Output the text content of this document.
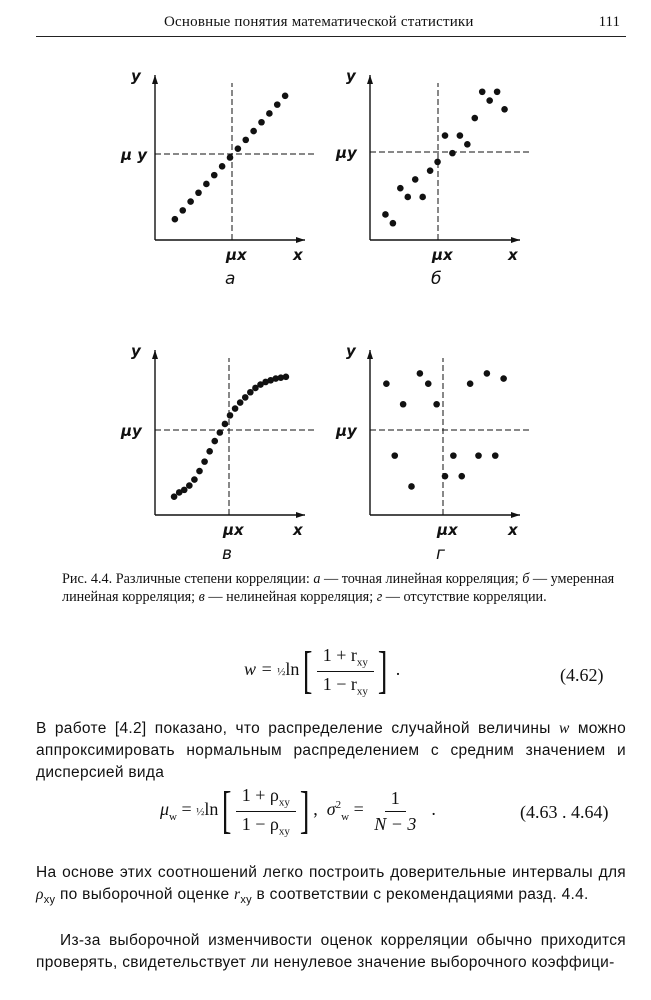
Основные понятия математической статистики	111
x
y
μx
μ y
а
x
y
μx
μy
б
x
y
μx
μy
в
x
y
μx
μy
г
Рис. 4.4. Различные степени корреляции: а — точная линейная корреляция; б — умеренная линейная корреляция; в — нелинейная корреляция; г — отсутствие корреляции.
w = ½ln[ $\frac{1 + r_{xy}}{1 - r_{xy}}$ ] .	(4.62)
В работе [4.2] показано, что распределение случайной величины w можно аппроксимировать нормальным распределением с средним значением и дисперсией вида
$\mu_w$ = ½ln[ $\frac{1 + \rho_{xy}}{1 - \rho_{xy}}$ ] , $\sigma^2_w = \frac{1}{N - 3}$ .	(4.63 . 4.64)
На основе этих соотношений легко построить доверительные интервалы для $\rho_{xy}$ по выборочной оценке $r_{xy}$ в соответствии с рекомендациями разд. 4.4.
Из-за выборочной изменчивости оценок корреляции обычно приходится проверять, свидетельствует ли ненулевое значение выборочного коэффици-
